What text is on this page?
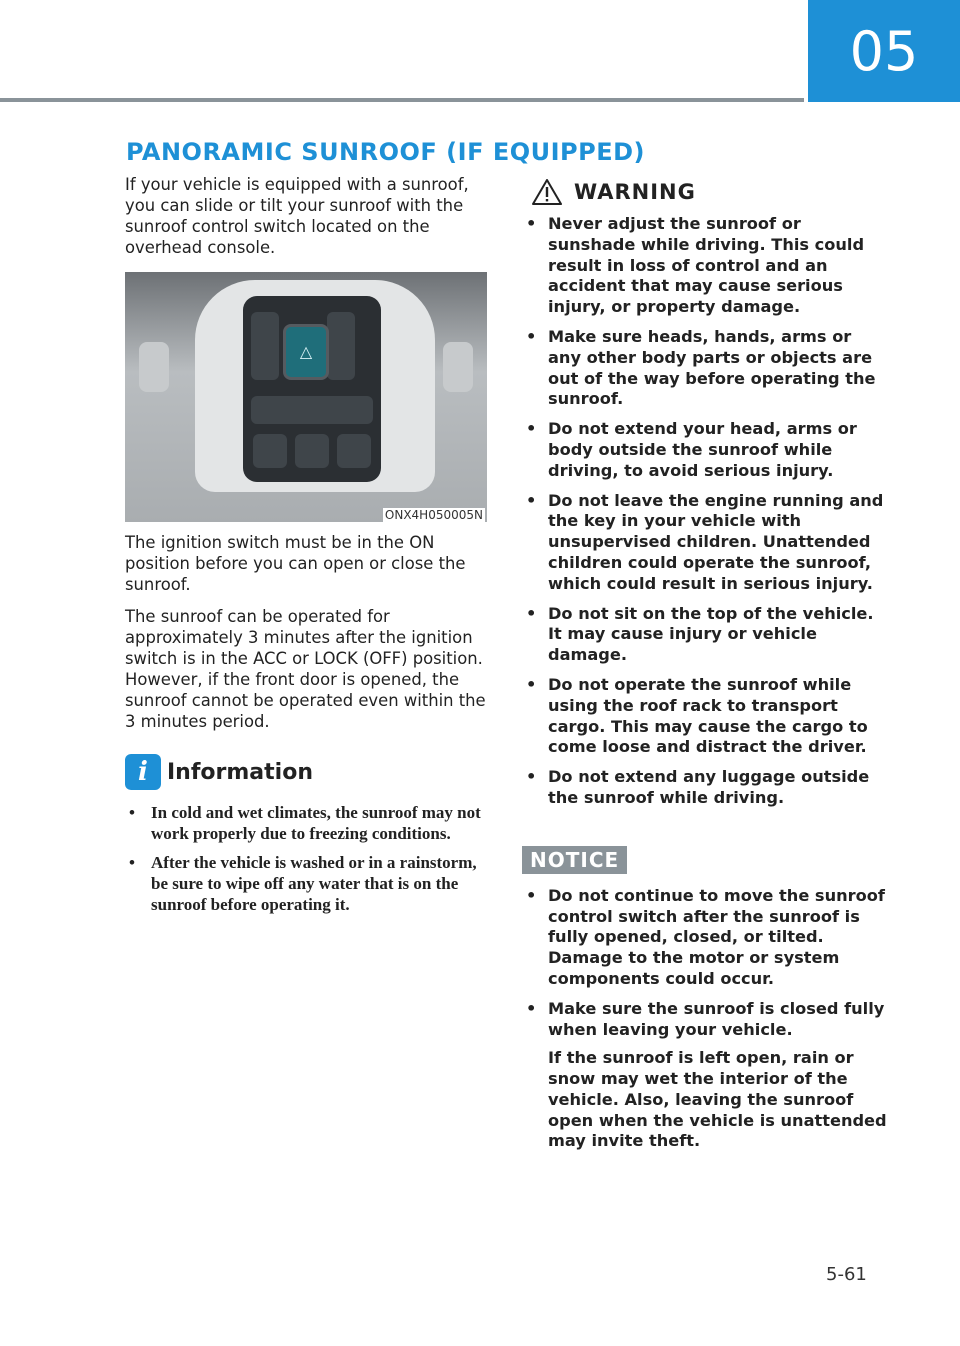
05
PANORAMIC SUNROOF (IF EQUIPPED)

If your vehicle is equipped with a sunroof, you can slide or tilt your sunroof with the sunroof control switch located on the overhead console.

△
ONX4H050005N

The ignition switch must be in the ON position before you can open or close the sunroof.

The sunroof can be operated for approximately 3 minutes after the ignition switch is in the ACC or LOCK (OFF) position. However, if the front door is opened, the sunroof cannot be operated even within the 3 minutes period.

i Information
• In cold and wet climates, the sunroof may not work properly due to freezing conditions.
• After the vehicle is washed or in a rainstorm, be sure to wipe off any water that is on the sunroof before operating it.
WARNING
• Never adjust the sunroof or sunshade while driving. This could result in loss of control and an accident that may cause serious injury, or property damage.
• Make sure heads, hands, arms or any other body parts or objects are out of the way before operating the sunroof.
• Do not extend your head, arms or body outside the sunroof while driving, to avoid serious injury.
• Do not leave the engine running and the key in your vehicle with unsupervised children. Unattended children could operate the sunroof, which could result in serious injury.
• Do not sit on the top of the vehicle. It may cause injury or vehicle damage.
• Do not operate the sunroof while using the roof rack to transport cargo. This may cause the cargo to come loose and distract the driver.
• Do not extend any luggage outside the sunroof while driving.
NOTICE
• Do not continue to move the sunroof control switch after the sunroof is fully opened, closed, or tilted. Damage to the motor or system components could occur.
• Make sure the sunroof is closed fully when leaving your vehicle.
If the sunroof is left open, rain or snow may wet the interior of the vehicle. Also, leaving the sunroof open when the vehicle is unattended may invite theft.
5-61
